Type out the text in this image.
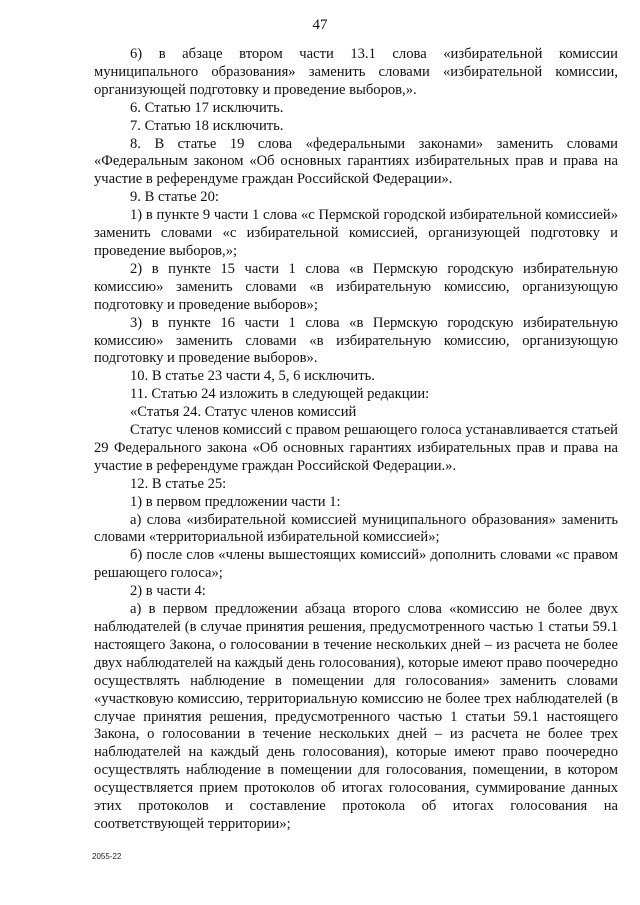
47

6) в абзаце втором части 13.1 слова «избирательной комиссии муниципального образования» заменить словами «избирательной комиссии, организующей подготовку и проведение выборов,».

6. Статью 17 исключить.

7. Статью 18 исключить.

8. В статье 19 слова «федеральными законами» заменить словами «Федеральным законом «Об основных гарантиях избирательных прав и права на участие в референдуме граждан Российской Федерации».

9. В статье 20:

1) в пункте 9 части 1 слова «с Пермской городской избирательной комиссией» заменить словами «с избирательной комиссией, организующей подготовку и проведение выборов,»;

2) в пункте 15 части 1 слова «в Пермскую городскую избирательную комиссию» заменить словами «в избирательную комиссию, организующую подготовку и проведение выборов»;

3) в пункте 16 части 1 слова «в Пермскую городскую избирательную комиссию» заменить словами «в избирательную комиссию, организующую подготовку и проведение выборов».

10. В статье 23 части 4, 5, 6 исключить.

11. Статью 24 изложить в следующей редакции:

«Статья 24. Статус членов комиссий

Статус членов комиссий с правом решающего голоса устанавливается статьей 29 Федерального закона «Об основных гарантиях избирательных прав и права на участие в референдуме граждан Российской Федерации.».

12. В статье 25:

1) в первом предложении части 1:

а) слова «избирательной комиссией муниципального образования» заменить словами «территориальной избирательной комиссией»;

б) после слов «члены вышестоящих комиссий» дополнить словами «с правом решающего голоса»;

2) в части 4:

а) в первом предложении абзаца второго слова «комиссию не более двух наблюдателей (в случае принятия решения, предусмотренного частью 1 статьи 59.1 настоящего Закона, о голосовании в течение нескольких дней – из расчета не более двух наблюдателей на каждый день голосования), которые имеют право поочередно осуществлять наблюдение в помещении для голосования» заменить словами «участковую комиссию, территориальную комиссию не более трех наблюдателей (в случае принятия решения, предусмотренного частью 1 статьи 59.1 настоящего Закона, о голосовании в течение нескольких дней – из расчета не более трех наблюдателей на каждый день голосования), которые имеют право поочередно осуществлять наблюдение в помещении для голосования, помещении, в котором осуществляется прием протоколов об итогах голосования, суммирование данных этих протоколов и составление протокола об итогах голосования на соответствующей территории»;

2055-22
